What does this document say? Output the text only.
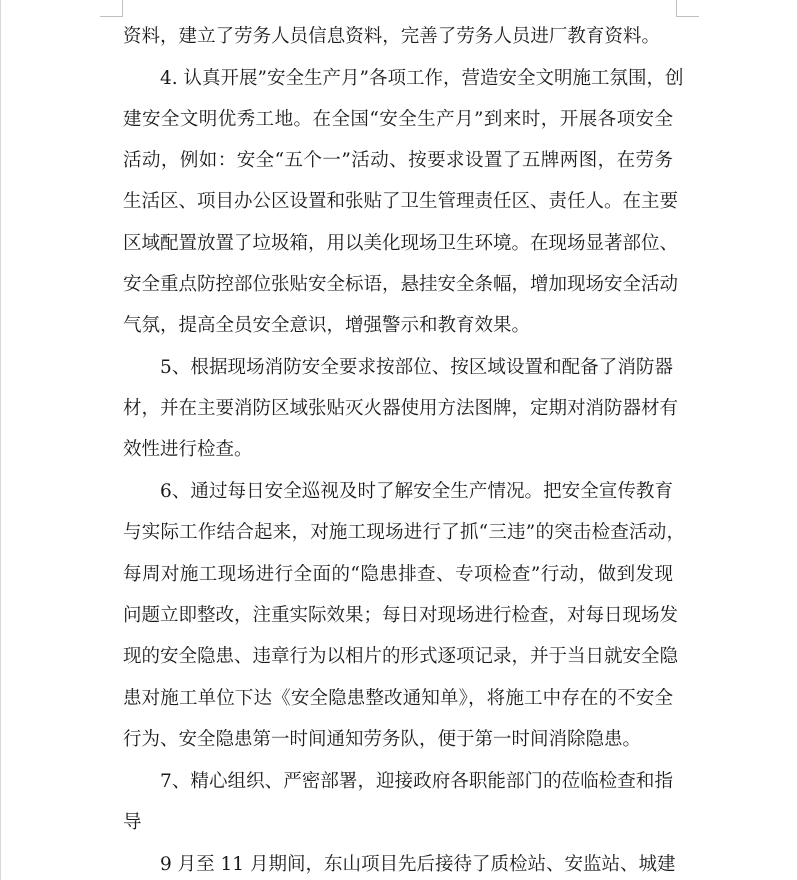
资料，建立了劳务人员信息资料，完善了劳务人员进厂教育资料。
4. 认真开展”安全生产月”各项工作，营造安全文明施工氛围，创
建安全文明优秀工地。在全国“安全生产月”到来时，开展各项安全
活动，例如：安全“五个一”活动、按要求设置了五牌两图，在劳务
生活区、项目办公区设置和张贴了卫生管理责任区、责任人。在主要
区域配置放置了垃圾箱，用以美化现场卫生环境。在现场显著部位、
安全重点防控部位张贴安全标语，悬挂安全条幅，增加现场安全活动
气氛，提高全员安全意识，增强警示和教育效果。
5、根据现场消防安全要求按部位、按区域设置和配备了消防器
材，并在主要消防区域张贴灭火器使用方法图牌，定期对消防器材有
效性进行检查。
6、通过每日安全巡视及时了解安全生产情况。把安全宣传教育
与实际工作结合起来，对施工现场进行了抓“三违”的突击检查活动，
每周对施工现场进行全面的“隐患排查、专项检查”行动，做到发现
问题立即整改，注重实际效果；每日对现场进行检查，对每日现场发
现的安全隐患、违章行为以相片的形式逐项记录，并于当日就安全隐
患对施工单位下达《安全隐患整改通知单》，将施工中存在的不安全
行为、安全隐患第一时间通知劳务队，便于第一时间消除隐患。
7、精心组织、严密部署，迎接政府各职能部门的莅临检查和指
导
9 月至 11 月期间，东山项目先后接待了质检站、安监站、城建
